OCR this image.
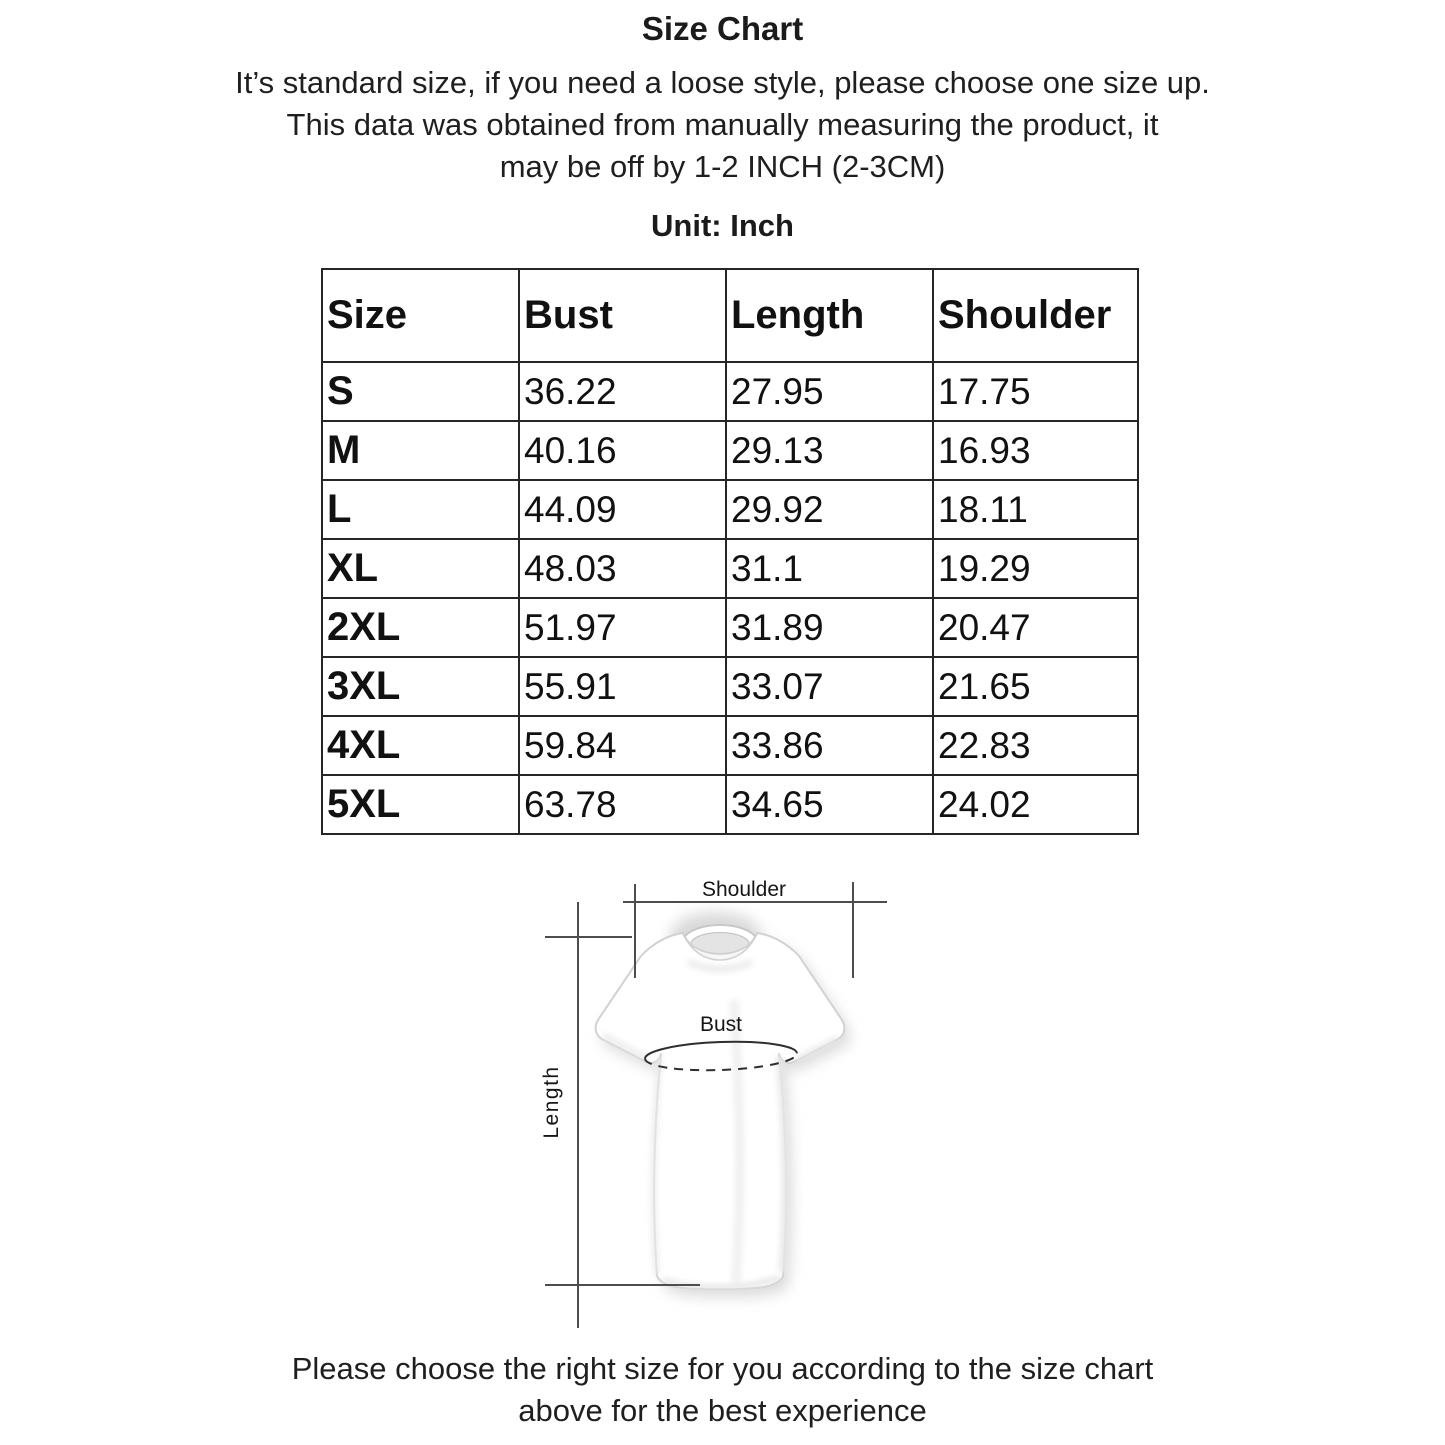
Size Chart
It’s standard size, if you need a loose style, please choose one size up.
This data was obtained from manually measuring the product, it
may be off by 1-2 INCH (2-3CM)
Unit: Inch
Size	Bust	Length	Shoulder
S	36.22	27.95	17.75
M	40.16	29.13	16.93
L	44.09	29.92	18.11
XL	48.03	31.1	19.29
2XL	51.97	31.89	20.47
3XL	55.91	33.07	21.65
4XL	59.84	33.86	22.83
5XL	63.78	34.65	24.02
Shoulder
Length
Bust
Please choose the right size for you according to the size chart
above for the best experience
